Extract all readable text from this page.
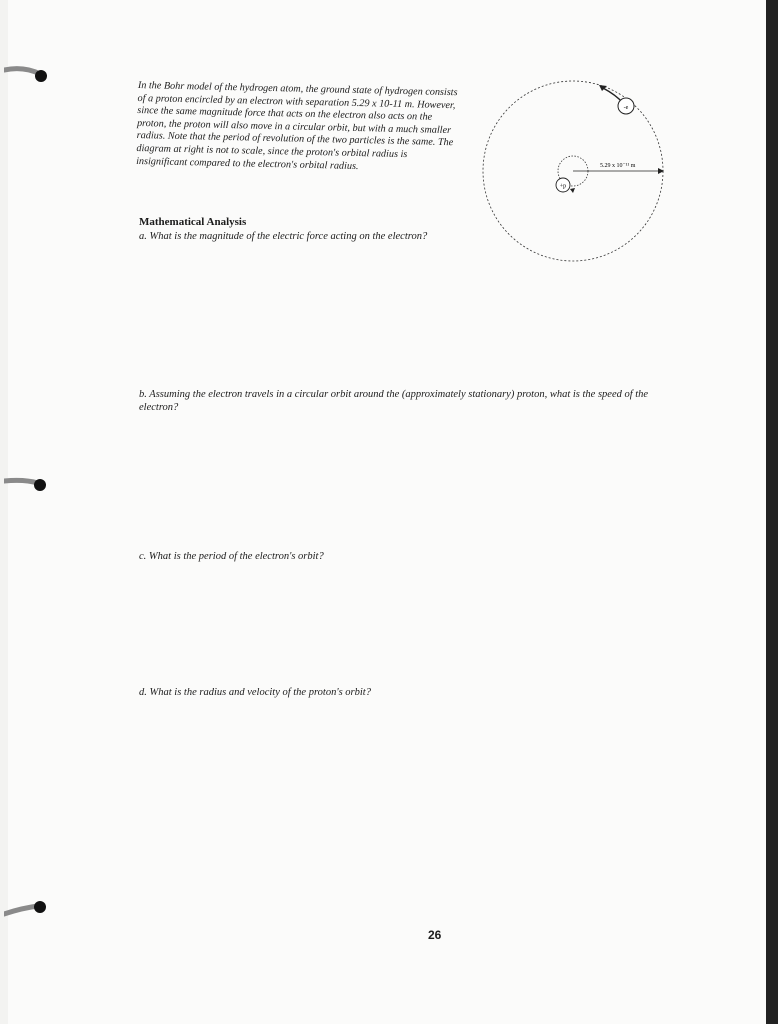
In the Bohr model of the hydrogen atom, the ground state of hydrogen consists of a proton encircled by an electron with separation 5.29 x 10-11 m. However, since the same magnitude force that acts on the electron also acts on the proton, the proton will also move in a circular orbit, but with a much smaller radius. Note that the period of revolution of the two particles is the same. The diagram at right is not to scale, since the proton's orbital radius is insignificant compared to the electron's orbital radius.

-e
5.29 x 10⁻¹¹ m
+p
Mathematical Analysis
a. What is the magnitude of the electric force acting on the electron?
b. Assuming the electron travels in a circular orbit around the (approximately stationary) proton, what is the speed of the electron?
c. What is the period of the electron's orbit?
d. What is the radius and velocity of the proton's orbit?
26
